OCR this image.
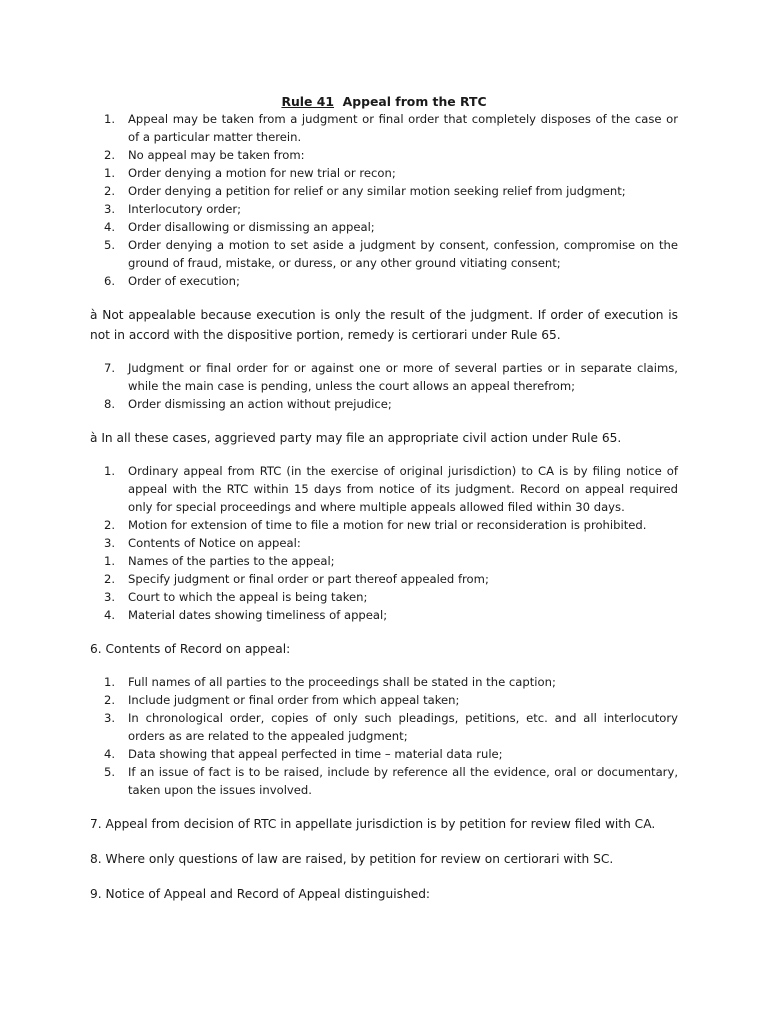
Rule 41 Appeal from the RTC
1. Appeal may be taken from a judgment or final order that completely disposes of the case or of a particular matter therein.
2. No appeal may be taken from:
1. Order denying a motion for new trial or recon;
2. Order denying a petition for relief or any similar motion seeking relief from judgment;
3. Interlocutory order;
4. Order disallowing or dismissing an appeal;
5. Order denying a motion to set aside a judgment by consent, confession, compromise on the ground of fraud, mistake, or duress, or any other ground vitiating consent;
6. Order of execution;
à Not appealable because execution is only the result of the judgment. If order of execution is not in accord with the dispositive portion, remedy is certiorari under Rule 65.
7. Judgment or final order for or against one or more of several parties or in separate claims, while the main case is pending, unless the court allows an appeal therefrom;
8. Order dismissing an action without prejudice;
à In all these cases, aggrieved party may file an appropriate civil action under Rule 65.
1. Ordinary appeal from RTC (in the exercise of original jurisdiction) to CA is by filing notice of appeal with the RTC within 15 days from notice of its judgment. Record on appeal required only for special proceedings and where multiple appeals allowed filed within 30 days.
2. Motion for extension of time to file a motion for new trial or reconsideration is prohibited.
3. Contents of Notice on appeal:
1. Names of the parties to the appeal;
2. Specify judgment or final order or part thereof appealed from;
3. Court to which the appeal is being taken;
4. Material dates showing timeliness of appeal;
6. Contents of Record on appeal:
1. Full names of all parties to the proceedings shall be stated in the caption;
2. Include judgment or final order from which appeal taken;
3. In chronological order, copies of only such pleadings, petitions, etc. and all interlocutory orders as are related to the appealed judgment;
4. Data showing that appeal perfected in time – material data rule;
5. If an issue of fact is to be raised, include by reference all the evidence, oral or documentary, taken upon the issues involved.
7. Appeal from decision of RTC in appellate jurisdiction is by petition for review filed with CA.
8. Where only questions of law are raised, by petition for review on certiorari with SC.
9. Notice of Appeal and Record of Appeal distinguished:
